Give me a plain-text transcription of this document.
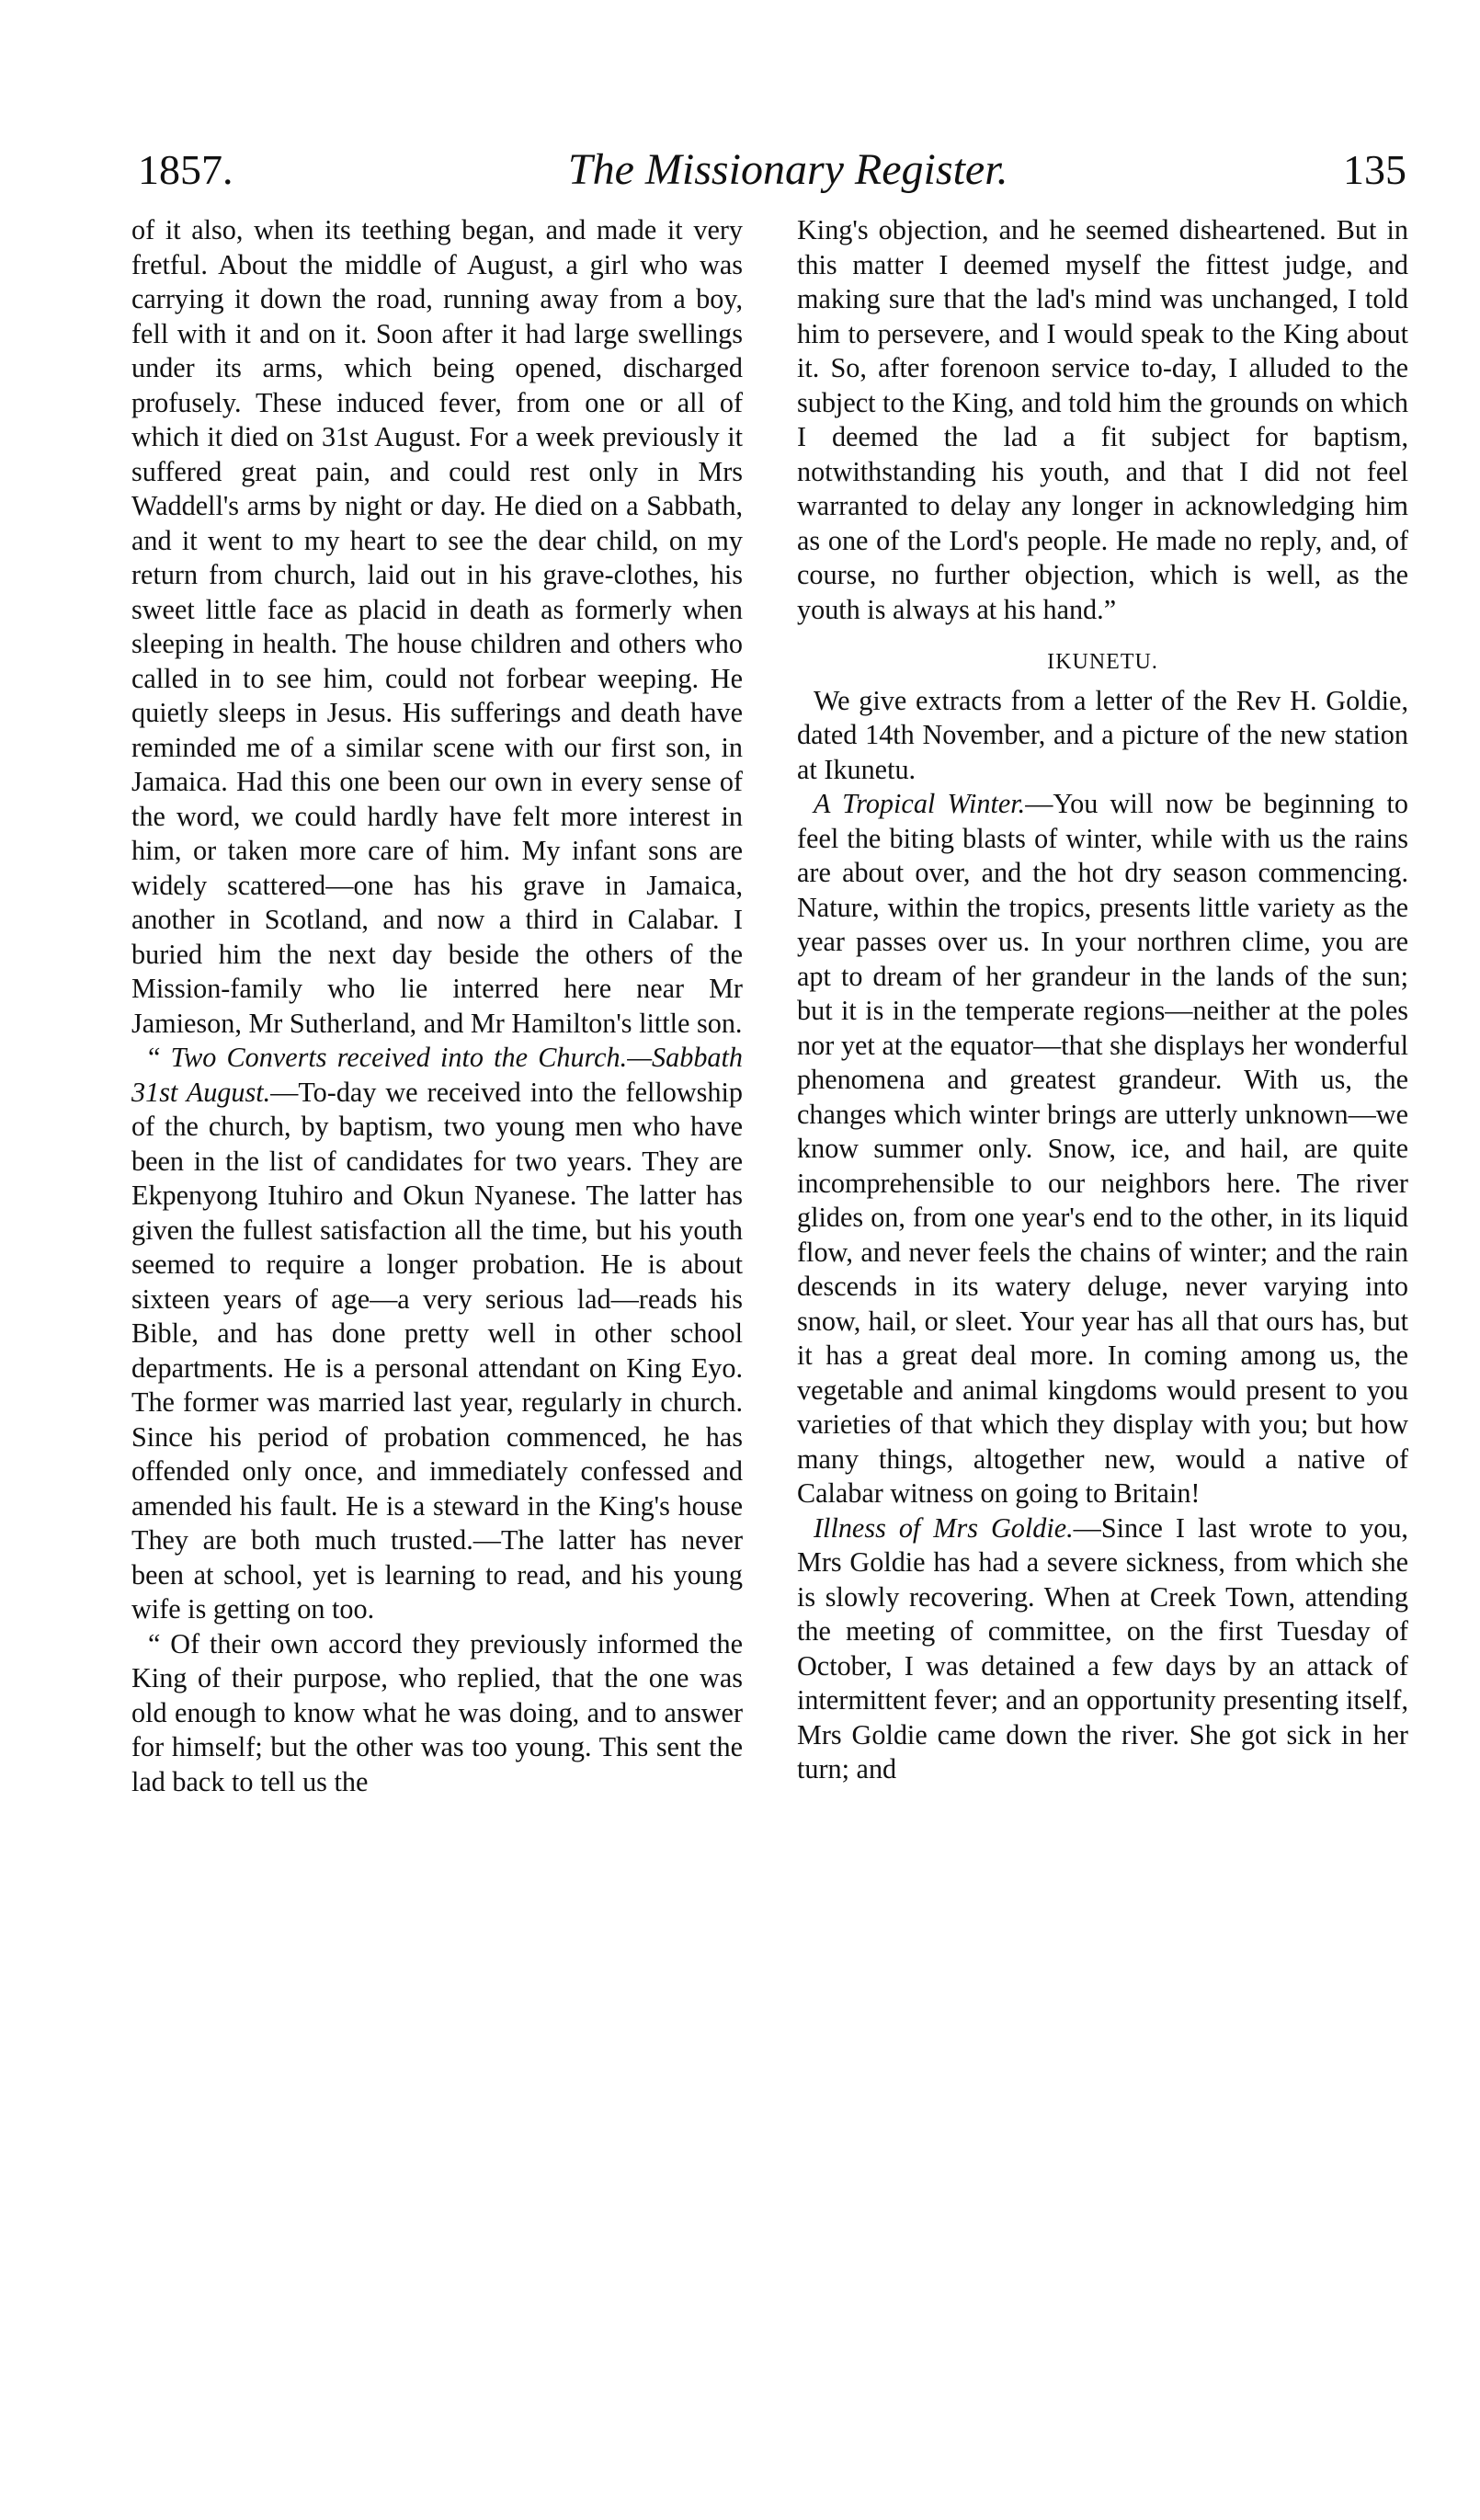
1857.	The Missionary Register.	135

of it also, when its teething began, and made it very fretful. About the middle of August, a girl who was carrying it down the road, running away from a boy, fell with it and on it. Soon after it had large swellings under its arms, which being opened, discharged profusely. These induced fever, from one or all of which it died on 31st August. For a week previously it suffered great pain, and could rest only in Mrs Waddell's arms by night or day. He died on a Sabbath, and it went to my heart to see the dear child, on my return from church, laid out in his grave-clothes, his sweet little face as placid in death as formerly when sleeping in health. The house children and others who called in to see him, could not forbear weeping. He quietly sleeps in Jesus. His sufferings and death have reminded me of a similar scene with our first son, in Jamaica. Had this one been our own in every sense of the word, we could hardly have felt more interest in him, or taken more care of him. My infant sons are widely scattered—one has his grave in Jamaica, another in Scotland, and now a third in Calabar. I buried him the next day beside the others of the Mission-family who lie interred here near Mr Jamieson, Mr Sutherland, and Mr Hamilton's little son.

“ Two Converts received into the Church.—Sabbath 31st August.—To-day we received into the fellowship of the church, by baptism, two young men who have been in the list of candidates for two years. They are Ekpenyong Ituhiro and Okun Nyanese. The latter has given the fullest satisfaction all the time, but his youth seemed to require a longer probation. He is about sixteen years of age—a very serious lad—reads his Bible, and has done pretty well in other school departments. He is a personal attendant on King Eyo. The former was married last year, regularly in church. Since his period of probation commenced, he has offended only once, and immediately confessed and amended his fault. He is a steward in the King's house They are both much trusted.—The latter has never been at school, yet is learning to read, and his young wife is getting on too.

“ Of their own accord they previously informed the King of their purpose, who replied, that the one was old enough to know what he was doing, and to answer for himself; but the other was too young. This sent the lad back to tell us the

King's objection, and he seemed disheartened. But in this matter I deemed myself the fittest judge, and making sure that the lad's mind was unchanged, I told him to persevere, and I would speak to the King about it. So, after forenoon service to-day, I alluded to the subject to the King, and told him the grounds on which I deemed the lad a fit subject for baptism, notwithstanding his youth, and that I did not feel warranted to delay any longer in acknowledging him as one of the Lord's people. He made no reply, and, of course, no further objection, which is well, as the youth is always at his hand.”

IKUNETU.

We give extracts from a letter of the Rev H. Goldie, dated 14th November, and a picture of the new station at Ikunetu.

A Tropical Winter.—You will now be beginning to feel the biting blasts of winter, while with us the rains are about over, and the hot dry season commencing. Nature, within the tropics, presents little variety as the year passes over us. In your northren clime, you are apt to dream of her grandeur in the lands of the sun; but it is in the temperate regions—neither at the poles nor yet at the equator—that she displays her wonderful phenomena and greatest grandeur. With us, the changes which winter brings are utterly unknown—we know summer only. Snow, ice, and hail, are quite incomprehensible to our neighbors here. The river glides on, from one year's end to the other, in its liquid flow, and never feels the chains of winter; and the rain descends in its watery deluge, never varying into snow, hail, or sleet. Your year has all that ours has, but it has a great deal more. In coming among us, the vegetable and animal kingdoms would present to you varieties of that which they display with you; but how many things, altogether new, would a native of Calabar witness on going to Britain!

Illness of Mrs Goldie.—Since I last wrote to you, Mrs Goldie has had a severe sickness, from which she is slowly recovering. When at Creek Town, attending the meeting of committee, on the first Tuesday of October, I was detained a few days by an attack of intermittent fever; and an opportunity presenting itself, Mrs Goldie came down the river. She got sick in her turn; and
